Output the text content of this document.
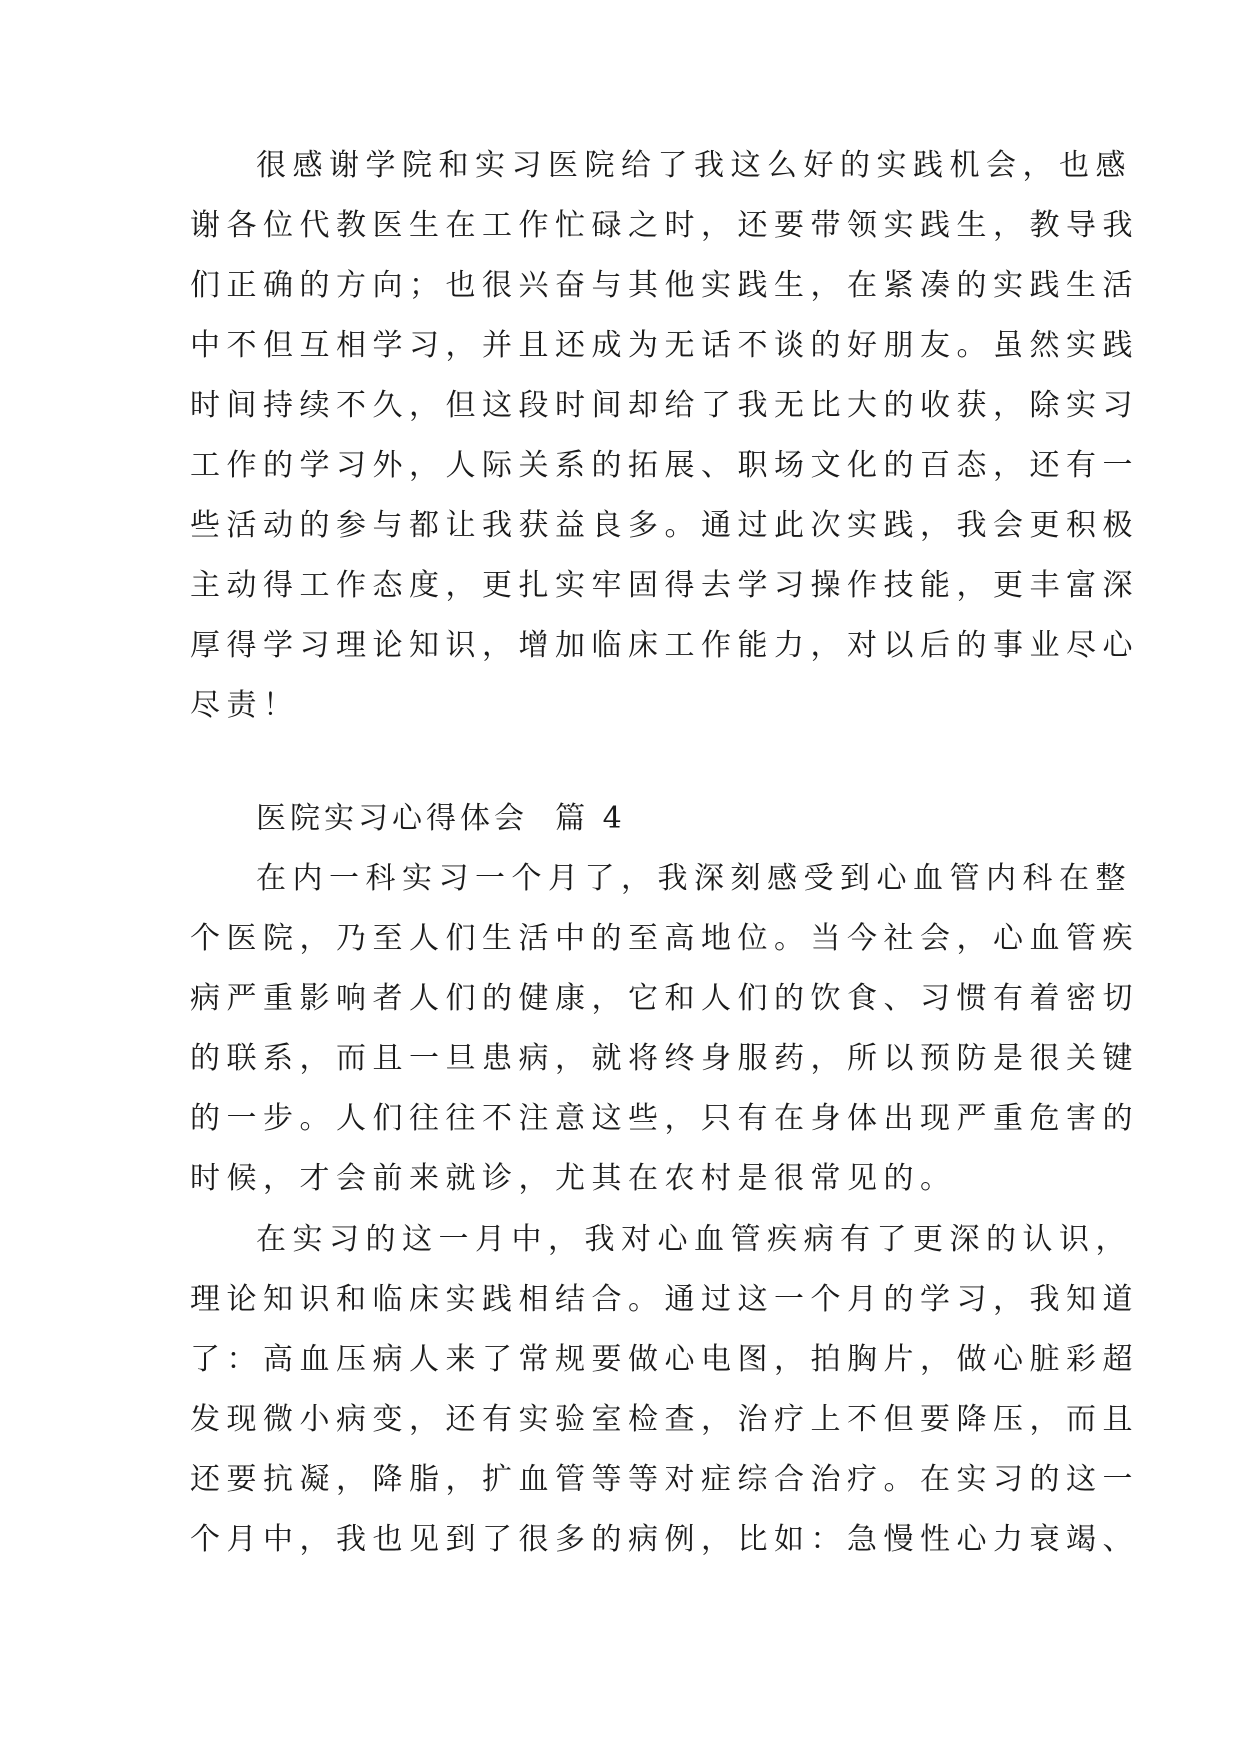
很感谢学院和实习医院给了我这么好的实践机会，也感
谢各位代教医生在工作忙碌之时，还要带领实践生，教导我
们正确的方向；也很兴奋与其他实践生，在紧凑的实践生活
中不但互相学习，并且还成为无话不谈的好朋友。虽然实践
时间持续不久，但这段时间却给了我无比大的收获，除实习
工作的学习外，人际关系的拓展、职场文化的百态，还有一
些活动的参与都让我获益良多。通过此次实践，我会更积极
主动得工作态度，更扎实牢固得去学习操作技能，更丰富深
厚得学习理论知识，增加临床工作能力，对以后的事业尽心
尽责！
医院实习心得体会  篇 4
在内一科实习一个月了，我深刻感受到心血管内科在整
个医院，乃至人们生活中的至高地位。当今社会，心血管疾
病严重影响者人们的健康，它和人们的饮食、习惯有着密切
的联系，而且一旦患病，就将终身服药，所以预防是很关键
的一步。人们往往不注意这些，只有在身体出现严重危害的
时候，才会前来就诊，尤其在农村是很常见的。
在实习的这一月中，我对心血管疾病有了更深的认识，
理论知识和临床实践相结合。通过这一个月的学习，我知道
了：高血压病人来了常规要做心电图，拍胸片，做心脏彩超
发现微小病变，还有实验室检查，治疗上不但要降压，而且
还要抗凝，降脂，扩血管等等对症综合治疗。在实习的这一
个月中，我也见到了很多的病例，比如：急慢性心力衰竭、
